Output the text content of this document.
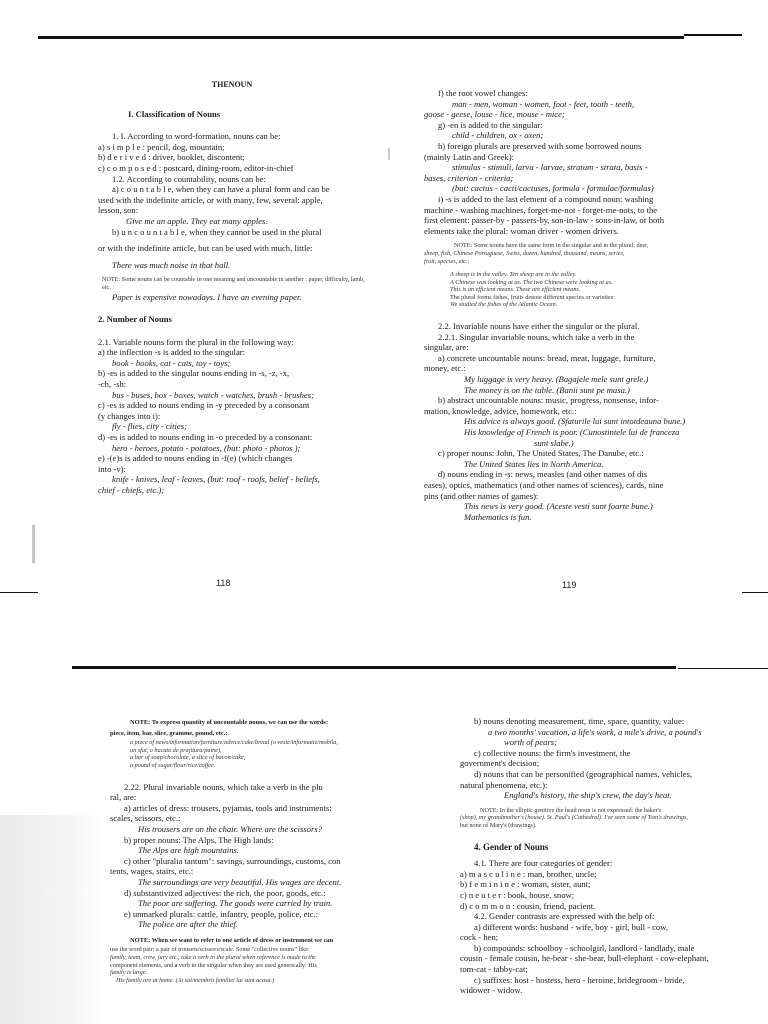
THENOUN

I. Classification of Nouns

1. I. According to word-formation, nouns can be:

a) s i m p l e : pencil, dog, mountain;

b) d e r i v e d : driver, booklet, discontent;

c) c o m p o s e d : postcard, dining-room, editor-in-chief

1.2. According to countability, nouns can be:

a) c o u n t a b l e, when they can have a plural form and can be

used with the indefinite article, or with many, few, several: apple,

lesson, son:

Give me an apple. They eat many apples.

b) u n c o u n t a b l e, when they cannot be used in the plural

or with the indefinite article, but can be used with much, little:

There was much noise in that hall.

NOTE: Some nouns can be countable in one meaning and uncountable in another : paper, difficulty, lamb, etc. :

Paper is expensive nowadays. I have an evening paper.

2. Number of Nouns

2.1. Variable nouns form the plural in the following way:

a) the inflection -s is added to the singular:

book - books, cat - cats, toy - toys;

b) -es is added to the singular nouns ending in -s, -z, -x,

-ch, -sh:

bus - buses, box - boxes, watch - watches, brush - brushes;

c) -es is added to nouns ending in -y preceded by a consonant

(y changes into i):

fly - flies, city - cities;

d) -es is added to nouns ending in -o preceded by a consonant:

hero - heroes, potato - potatoes, (but: photo - photos );

e) -(e)s is added to nouns ending in -f(e) (which changes

into -v):

knife - knives, leaf - leaves, (but: roof - roofs, belief - beliefs,

chief - chiefs, etc.);

118

f) the root vowel changes:

man - men, woman - women, foot - feet, tooth - teeth,

goose - geese, louse - lice, mouse - mice;

g) -en is added to the singular:

child - children, ox - oxen;

h) foreign plurals are preserved with some borrowed nouns

(mainly Latin and Greek):

stimulus - stimuli, larva - larvae, stratum - strata, basis -

bases, criterion - criteria;

(but: cactus - cacti/cactuses, formula - formulae/formulas)

i) -s is added to the last element of a compound noun: washing

machine - washing machines, forget-me-not - forget-me-nots, to the

first element: passer-by - passers-by, son-in-law - sons-in-law, or both

elements take the plural: woman driver - women drivers.

NOTE: Some nouns have the same form in the singular and in the plural: deer,

sheep, fish, Chinese Portuguese, Swiss, dozen, hundred, thousand, means, series,

fruit, species, etc.:

A sheep is in the valley. Ten sheep are in the valley.

A Chinese was looking at us. The two Chinese were looking at us.

This is an efficient means. These are efficient means.

The plural forms fishes, fruits denote different species or varieties:

We studied the fishes of the Atlantic Ocean.

2.2. Invariable nouns have either the singular or the plural.

2.2.1. Singular invariable nouns, which take a verb in the

singular, are:

a) concrete uncountable nouns: bread, meat, luggage, furniture,

money, etc.:

My luggage is very heavy. (Bagajele mele sunt grele.)

The money is on the table. (Banii sunt pe masa.)

b) abstract uncountable nouns: music, progress, nonsense, infor-

mation, knowledge, advice, homework, etc.:

His advice is always good. (Sfaturile lui sunt intotdeauna bune.)

His knowledge of French is poor. (Cunostintele lui de franceza

sunt slabe.)

c) proper nouns: John, The United States, The Danube, etc.:

The United States lies in North America.

d) nouns ending in -s: news, measles (and other names of dis

eases), optics, mathematics (and other names of sciences), cards, nine

pins (and other names of games):

This news is very good. (Aceste vesti sunt foarte bune.)

Mathematics is fun.

119

NOTE: To express quantity of uncountable nouns, we can use the words:

piece, item, bar, slice, gramme, pound, etc.:

a piece of news/information/furniture/advice/cake/bread (o veste/informatie/mobila,

un sfat, o bucata de prajitura/paine),

a bar of soap/chocolate, a slice of bacon/cake,

a pound of sugar/flour/rice/coffee.

2.22. Plural invariable nouns, which take a verb in the plu

ral, are:

a) articles of dress: trousers, pyjamas, tools and instruments:

scales, scissors, etc.:

His trousers are on the chair. Where are the scissors?

b) proper nouns: The Alps, The High lands:

The Alps are high mountains.

c) other "pluralia tantum": savings, surroundings, customs, con

tents, wages, stairs, etc.:

The surroundings are very beautiful. His wages are decent.

d) substantivized adjectives: the rich, the poor, goods, etc.:

The poor are suffering. The goods were carried by train.

e) unmarked plurals: cattle, infantry, people, police, etc.:

The police are after the thief.

NOTE: When we want to refer to one article of dress or instrument we can

use the word pair: a pair of trousers/scissors/scale. Some "collective nouns" like:

family, team, crew, jury etc., take a verb in the plural when reference is made to the

component elements, and a verb in the singular when they are used generically: His

family is large.

His family are at home. (Ai sai/membrii familiei lui sunt acasa.)

b) nouns denoting measurement, time, space, quantity, value:

a two months' vacation, a life's work, a mile's drive, a pound's

worth of pears;

c) collective nouns: the firm's investment, the

government's decision;

d) nouns that can be personified (geographical names, vehicles,

natural phenomena, etc.):

England's history, the ship's crew, the day's heat.

NOTE: In the elliptic genitive the head noun is not expressed: the baker's

(shop), my grandmother's (house). St. Paul's (Cathedral). I've seen some of Tom's drawings,

but none of Mary's (drawings).

4. Gender of Nouns

4.1. There are four categories of gender:

a) m a s c u l i n e : man, brother, uncle;

b) f e m i n i n e : woman, sister, aunt;

c) n e u t e r : book, house, snow;

d) c o m m o n : cousin, friend, pacient.

4.2. Gender contrasts are expressed with the help of:

a) different words: husband - wife, boy - girl, bull - cow,

cock - hen;

b) compounds: schoolboy - schoolgirl, landlord - landlady, male

cousin - female cousin, he-bear - she-bear, bull-elephant - cow-elephant,

tom-cat - tabby-cat;

c) suffixes: host - hostess, hero - heroine, bridegroom - bride,

widower - widow.
